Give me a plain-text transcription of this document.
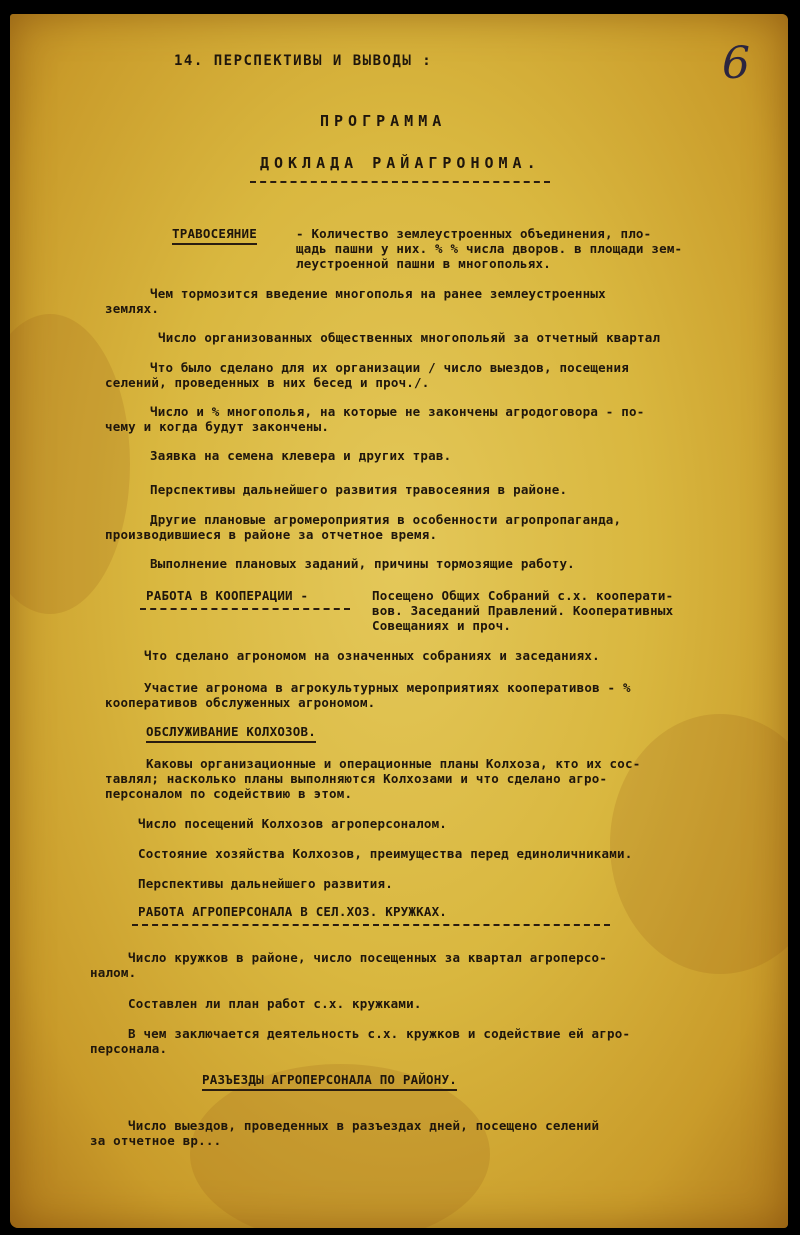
6

14. ПЕРСПЕКТИВЫ И ВЫВОДЫ :

ПРОГРАММА

ДОКЛАДА РАЙАГРОНОМА.

ТРАВОСЕЯНИЕ	- Количество землеустроенных объединения, пло-

щадь пашни у них. % % числа дворов. в площади зем-

леустроенной пашни в многопольях.

Чем тормозится введение многополья на ранее землеустроенных

землях.

Число организованных общественных многопольяй за отчетный квартал

Что было сделано для их организации / число выездов, посещения

селений, проведенных в них бесед и проч./.

Число и % многополья, на которые не закончены агродоговора - по-

чему и когда будут закончены.

Заявка на семена клевера и других трав.

Перспективы дальнейшего развития травосеяния в районе.

Другие плановые агромероприятия в особенности агропропаганда,

производившиеся в районе за отчетное время.

Выполнение плановых заданий, причины тормозящие работу.

РАБОТА В КООПЕРАЦИИ -	Посещено Общих Собраний с.х. кооперати-

вов. Заседаний Правлений. Кооперативных

Совещаниях и проч.

Что сделано агрономом на означенных собраниях и заседаниях.

Участие агронома в агрокультурных мероприятиях кооперативов - %

кооперативов обслуженных агрономом.

ОБСЛУЖИВАНИЕ КОЛХОЗОВ.

Каковы организационные и операционные планы Колхоза, кто их сос-

тавлял; насколько планы выполняются Колхозами и что сделано агро-

персоналом по содействию в этом.

Число посещений Колхозов агроперсоналом.

Состояние хозяйства Колхозов, преимущества перед единоличниками.

Перспективы дальнейшего развития.

РАБОТА АГРОПЕРСОНАЛА В СЕЛ.ХОЗ. КРУЖКАХ.

Число кружков в районе, число посещенных за квартал агроперсо-

налом.

Составлен ли план работ с.х. кружками.

В чем заключается деятельность с.х. кружков и содействие ей агро-

персонала.

РАЗЪЕЗДЫ АГРОПЕРСОНАЛА ПО РАЙОНУ.

Число выездов, проведенных в разъездах дней, посещено селений

за отчетное вр...
